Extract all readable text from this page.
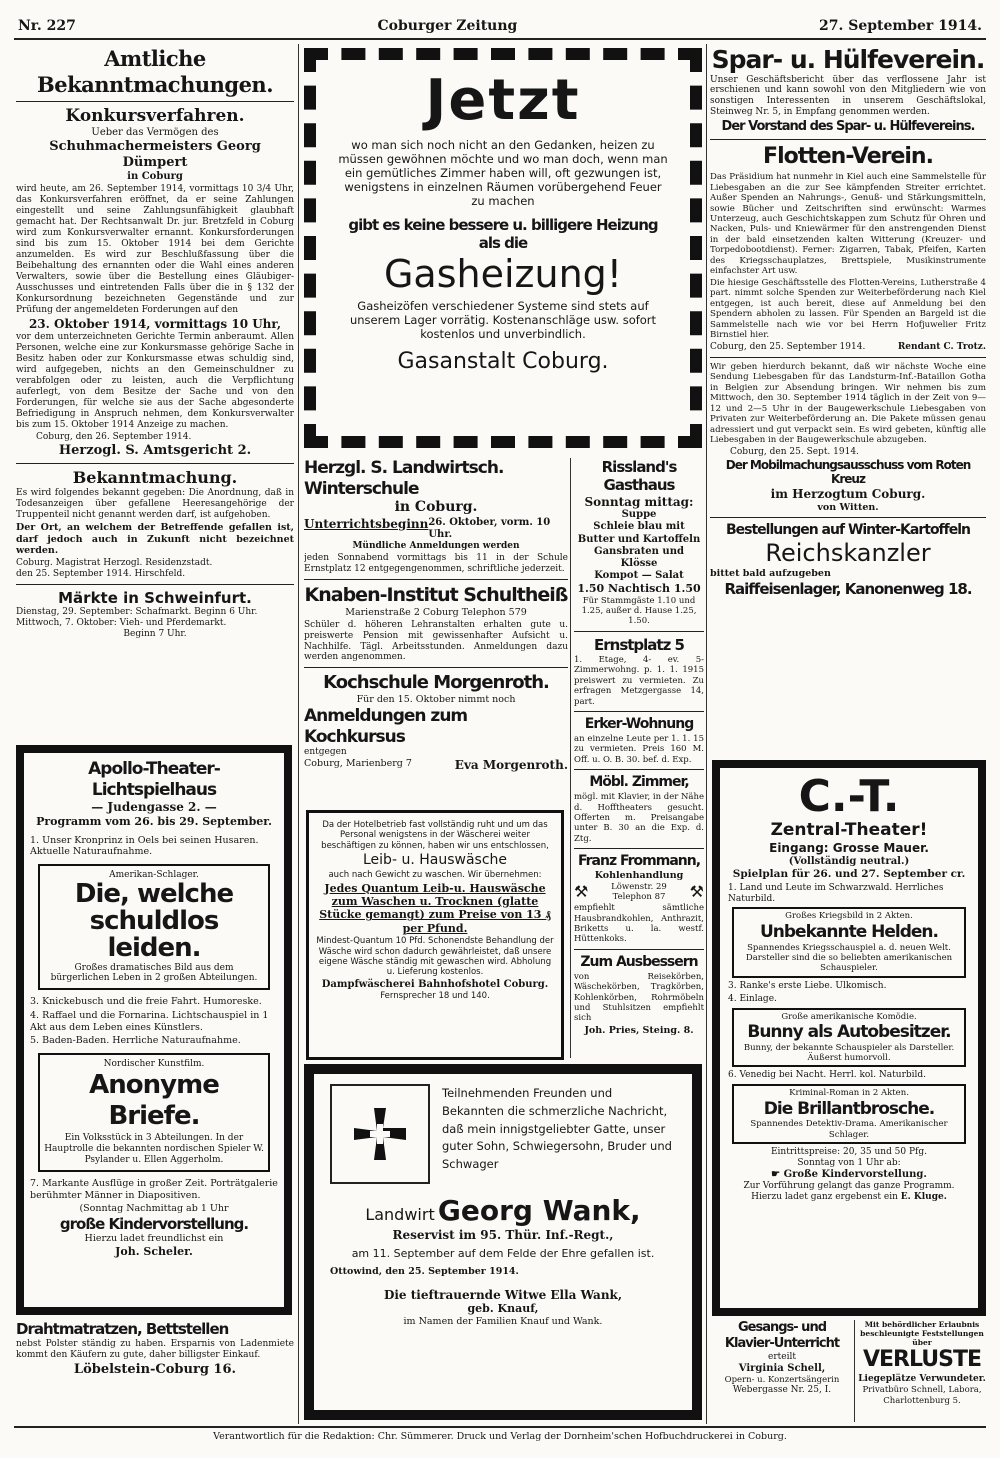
Nr. 227	Coburger Zeitung	27. September 1914.
Amtliche Bekanntmachungen.
Konkursverfahren.
Ueber das Vermögen des
Schuhmachermeisters Georg Dümpert
in Coburg

wird heute, am 26. September 1914, vormittags 10 3/4 Uhr, das Konkursverfahren eröffnet, da er seine Zahlungen eingestellt und seine Zahlungsunfähigkeit glaubhaft gemacht hat. Der Rechtsanwalt Dr. jur. Bretzfeld in Coburg wird zum Konkursverwalter ernannt. Konkursforderungen sind bis zum 15. Oktober 1914 bei dem Gerichte anzumelden. Es wird zur Beschlußfassung über die Beibehaltung des ernannten oder die Wahl eines anderen Verwalters, sowie über die Bestellung eines Gläubiger-Ausschusses und eintretenden Falls über die in § 132 der Konkursordnung bezeichneten Gegenstände und zur Prüfung der angemeldeten Forderungen auf den

23. Oktober 1914, vormittags 10 Uhr,

vor dem unterzeichneten Gerichte Termin anberaumt. Allen Personen, welche eine zur Konkursmasse gehörige Sache in Besitz haben oder zur Konkursmasse etwas schuldig sind, wird aufgegeben, nichts an den Gemeinschuldner zu verabfolgen oder zu leisten, auch die Verpflichtung auferlegt, von dem Besitze der Sache und von den Forderungen, für welche sie aus der Sache abgesonderte Befriedigung in Anspruch nehmen, dem Konkursverwalter bis zum 15. Oktober 1914 Anzeige zu machen.

Coburg, den 26. September 1914.
Herzogl. S. Amtsgericht 2.
Bekanntmachung.

Es wird folgendes bekannt gegeben: Die Anordnung, daß in Todesanzeigen über gefallene Heeresangehörige der Truppenteil nicht genannt werden darf, ist aufgehoben.

Der Ort, an welchem der Betreffende gefallen ist, darf jedoch auch in Zukunft nicht bezeichnet werden.

Coburg. Magistrat Herzogl. Residenzstadt.
den 25. September 1914. Hirschfeld.
Märkte in Schweinfurt.
Dienstag, 29. September: Schafmarkt. Beginn 6 Uhr.
Mittwoch, 7. Oktober: Vieh- und Pferdemarkt.
Beginn 7 Uhr.
Apollo-Theater-Lichtspielhaus
— Judengasse 2. —
Programm vom 26. bis 29. September.
1. Unser Kronprinz in Oels bei seinen Husaren. Aktuelle Naturaufnahme.
Amerikan-Schlager.
Die, welche schuldlos leiden.
Großes dramatisches Bild aus dem bürgerlichen Leben in 2 großen Abteilungen.
3. Knickebusch und die freie Fahrt. Humoreske.
4. Raffael und die Fornarina. Lichtschauspiel in 1 Akt aus dem Leben eines Künstlers.
5. Baden-Baden. Herrliche Naturaufnahme.
Nordischer Kunstfilm.
Anonyme Briefe.
Ein Volksstück in 3 Abteilungen. In der Hauptrolle die bekannten nordischen Spieler W. Psylander u. Ellen Aggerholm.
7. Markante Ausflüge in großer Zeit. Porträtgalerie berühmter Männer in Diapositiven.
(Sonntag Nachmittag ab 1 Uhr
große Kindervorstellung.
Hierzu ladet freundlichst ein
Joh. Scheler.
Drahtmatratzen, Bettstellen

nebst Polster ständig zu haben. Ersparnis von Ladenmiete kommt den Käufern zu gute, daher billigster Einkauf.

Löbelstein-Coburg 16.
Jetzt

wo man sich noch nicht an den Gedanken, heizen zu müssen gewöhnen möchte und wo man doch, wenn man ein gemütliches Zimmer haben will, oft gezwungen ist, wenigstens in einzelnen Räumen vorübergehend Feuer zu machen

gibt es keine bessere u. billigere Heizung als die
Gasheizung!

Gasheizöfen verschiedener Systeme sind stets auf unserem Lager vorrätig. Kostenanschläge usw. sofort kostenlos und unverbindlich.

Gasanstalt Coburg.
Herzgl. S. Landwirtsch. Winterschule
in Coburg.
Unterrichtsbeginn 26. Oktober, vorm. 10 Uhr.
Mündliche Anmeldungen werden

jeden Sonnabend vormittags bis 11 in der Schule Ernstplatz 12 entgegengenommen, schriftliche jederzeit.

Knaben-Institut Schultheiß
Marienstraße 2 Coburg Telephon 579

Schüler d. höheren Lehranstalten erhalten gute u. preiswerte Pension mit gewissenhafter Aufsicht u. Nachhilfe. Tägl. Arbeitsstunden. Anmeldungen dazu werden angenommen.

Kochschule Morgenroth.
Für den 15. Oktober nimmt noch
Anmeldungen zum Kochkursus
entgegen
Coburg, Marienberg 7	Eva Morgenroth.

Da der Hotelbetrieb fast vollständig ruht und um das Personal wenigstens in der Wäscherei weiter beschäftigen zu können, haben wir uns entschlossen,

Leib- u. Hauswäsche

auch nach Gewicht zu waschen. Wir übernehmen:

Jedes Quantum Leib-u. Hauswäsche zum Waschen u. Trocknen (glatte Stücke gemangt) zum Preise von 13 ₰ per Pfund.

Mindest-Quantum 10 Pfd. Schonendste Behandlung der Wäsche wird schon dadurch gewährleistet, daß unsere eigene Wäsche ständig mit gewaschen wird. Abholung u. Lieferung kostenlos.

Dampfwäscherei Bahnhofshotel Coburg.
Fernsprecher 18 und 140.
Rissland's Gasthaus
Sonntag mittag:
Suppe
Schleie blau mit Butter und Kartoffeln
Gansbraten und Klösse
Kompot — Salat
1.50 Nachtisch 1.50
Für Stammgäste 1.10 und 1.25, außer d. Hause 1.25, 1.50.
Ernstplatz 5

1. Etage, 4- ev. 5-Zimmerwohng. p. 1. 1. 1915 preiswert zu vermieten. Zu erfragen Metzgergasse 14, part.

Erker-Wohnung

an einzelne Leute per 1. 1. 15 zu vermieten. Preis 160 M. Off. u. O. B. 30. bef. d. Exp.

Möbl. Zimmer,

mögl. mit Klavier, in der Nähe d. Hofftheaters gesucht. Offerten m. Preisangabe unter B. 30 an die Exp. d. Ztg.

Franz Frommann,
Kohlenhandlung
⚒	Löwenstr. 29 Telephon 87	⚒

empfiehlt sämtliche Hausbrandkohlen, Anthrazit, Briketts u. la. westf. Hüttenkoks.

Zum Ausbessern

von Reisekörben, Wäschekörben, Tragkörben, Kohlenkörben, Rohrmöbeln und Stuhlsitzen empfiehlt sich

Joh. Pries, Steing. 8.

Teilnehmenden Freunden und Bekannten die schmerzliche Nachricht, daß mein innigstgeliebter Gatte, unser guter Sohn, Schwiegersohn, Bruder und Schwager

Landwirt Georg Wank,
Reservist im 95. Thür. Inf.-Regt.,
am 11. September auf dem Felde der Ehre gefallen ist.
Ottowind, den 25. September 1914.
Die tieftrauernde Witwe Ella Wank,
geb. Knauf,
im Namen der Familien Knauf und Wank.
Spar- u. Hülfeverein.

Unser Geschäftsbericht über das verflossene Jahr ist erschienen und kann sowohl von den Mitgliedern wie von sonstigen Interessenten in unserem Geschäftslokal, Steinweg Nr. 5, in Empfang genommen werden.

Der Vorstand des Spar- u. Hülfevereins.
Flotten-Verein.

Das Präsidium hat nunmehr in Kiel auch eine Sammelstelle für Liebesgaben an die zur See kämpfenden Streiter errichtet. Außer Spenden an Nahrungs-, Genuß- und Stärkungsmitteln, sowie Bücher und Zeitschriften sind erwünscht: Warmes Unterzeug, auch Geschichtskappen zum Schutz für Ohren und Nacken, Puls- und Kniewärmer für den anstrengenden Dienst in der bald einsetzenden kalten Witterung (Kreuzer- und Torpedobootdienst). Ferner: Zigarren, Tabak, Pfeifen, Karten des Kriegsschauplatzes, Brettspiele, Musikinstrumente einfachster Art usw.

Die hiesige Geschäftsstelle des Flotten-Vereins, Lutherstraße 4 part. nimmt solche Spenden zur Weiterbeförderung nach Kiel entgegen, ist auch bereit, diese auf Anmeldung bei den Spendern abholen zu lassen. Für Spenden an Bargeld ist die Sammelstelle nach wie vor bei Herrn Hofjuwelier Fritz Birnstiel hier.

Coburg, den 25. September 1914.	Rendant C. Trotz.

Wir geben hierdurch bekannt, daß wir nächste Woche eine Sendung Liebesgaben für das Landsturm-Inf.-Bataillon Gotha in Belgien zur Absendung bringen. Wir nehmen bis zum Mittwoch, den 30. September 1914 täglich in der Zeit von 9—12 und 2—5 Uhr in der Baugewerkschule Liebesgaben von Privaten zur Weiterbeförderung an. Die Pakete müssen genau adressiert und gut verpackt sein. Es wird gebeten, künftig alle Liebesgaben in der Baugewerkschule abzugeben.

Coburg, den 25. Sept. 1914.
Der Mobilmachungsausschuss vom Roten Kreuz
im Herzogtum Coburg.
von Witten.
Bestellungen auf Winter-Kartoffeln
Reichskanzler
bittet bald aufzugeben
Raiffeisenlager, Kanonenweg 18.
C.-T.
Zentral-Theater!
Eingang: Grosse Mauer.
(Vollständig neutral.)
Spielplan für 26. und 27. September cr.
1. Land und Leute im Schwarzwald. Herrliches Naturbild.
Großes Kriegsbild in 2 Akten.
Unbekannte Helden.
Spannendes Kriegsschauspiel a. d. neuen Welt. Darsteller sind die so beliebten amerikanischen Schauspieler.
3. Ranke's erste Liebe. Ulkomisch.
4. Einlage.
Große amerikanische Komödie.
Bunny als Autobesitzer.
Bunny, der bekannte Schauspieler als Darsteller. Äußerst humorvoll.
6. Venedig bei Nacht. Herrl. kol. Naturbild.
Kriminal-Roman in 2 Akten.
Die Brillantbrosche.
Spannendes Detektiv-Drama. Amerikanischer Schlager.
Eintrittspreise: 20, 35 und 50 Pfg.
Sonntag von 1 Uhr ab:
☛ Große Kindervorstellung.
Zur Vorführung gelangt das ganze Programm.
Hierzu ladet ganz ergebenst ein E. Kluge.
Gesangs- und Klavier-Unterricht
erteilt
Virginia Schell,
Opern- u. Konzertsängerin
Webergasse Nr. 25, I.
Mit behördlicher Erlaubnis beschleunigte Feststellungen über
VERLUSTE
Liegeplätze Verwundeter.
Privatbüro Schnell, Labora, Charlottenburg 5.
Verantwortlich für die Redaktion: Chr. Sümmerer. Druck und Verlag der Dornheim'schen Hofbuchdruckerei in Coburg.
